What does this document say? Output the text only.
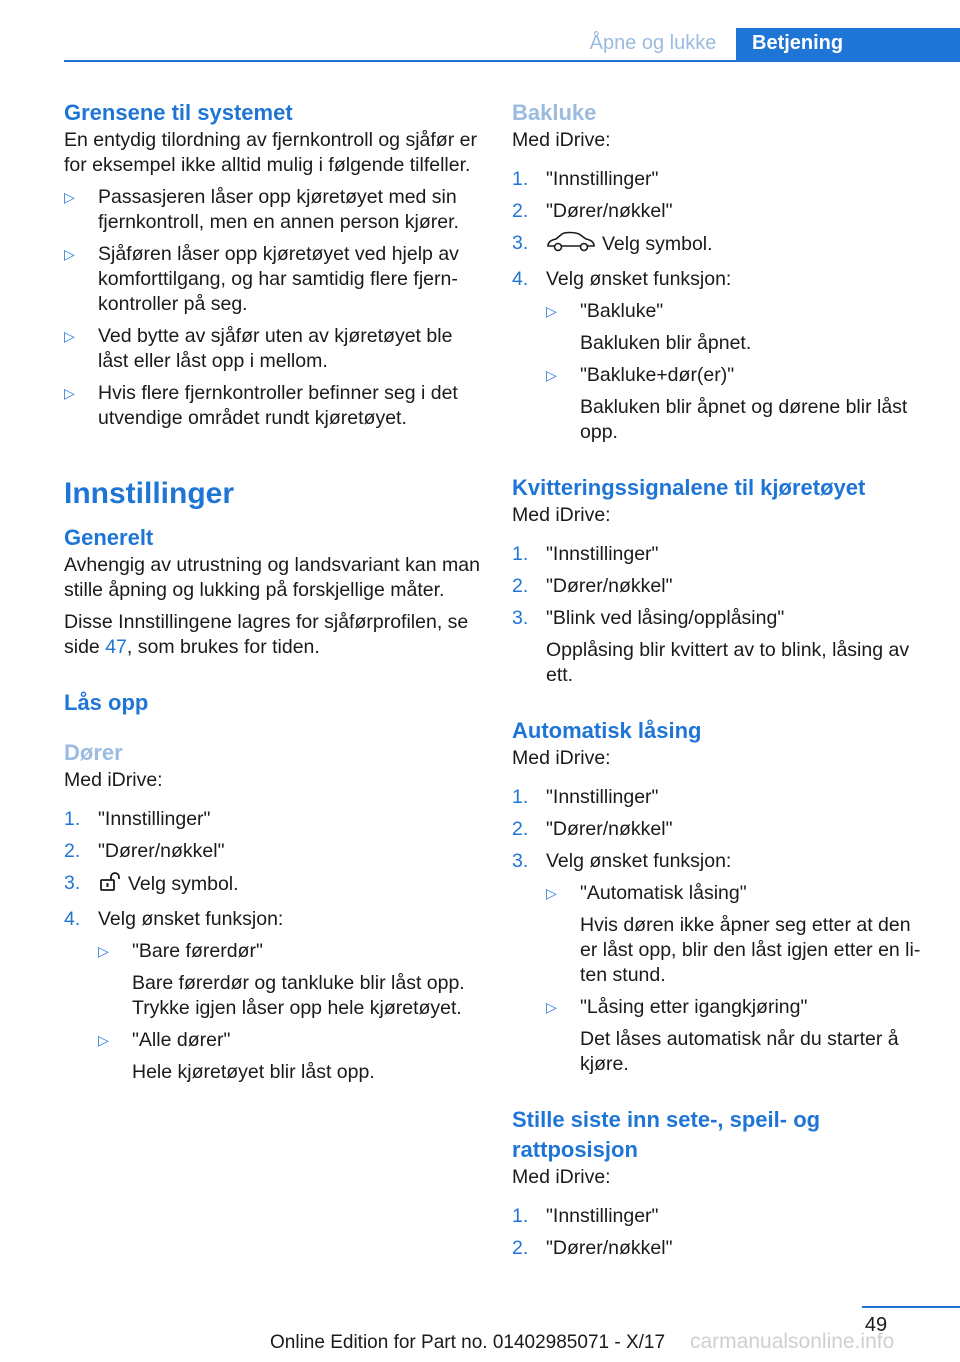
Åpne og lukke	Betjening
Grensene til systemet

En entydig tilordning av fjernkontroll og sjåfør er for eksempel ikke alltid mulig i følgende tilfeller.

▷ Passasjeren låser opp kjøretøyet med sin fjernkontroll, men en annen person kjører.
▷ Sjåføren låser opp kjøretøyet ved hjelp av komforttilgang, og har samtidig flere fjernkontroller på seg.
▷ Ved bytte av sjåfør uten av kjøretøyet ble låst eller låst opp i mellom.
▷ Hvis flere fjernkontroller befinner seg i det utvendige området rundt kjøretøyet.
Innstillinger
Generelt

Avhengig av utrustning og landsvariant kan man stille åpning og lukking på forskjellige måter.

Disse Innstillingene lagres for sjåførprofilen, se side 47, som brukes for tiden.

Lås opp
Dører

Med iDrive:

1. "Innstillinger"
2. "Dører/nøkkel"
3. Velg symbol.
4. Velg ønsket funksjon:
▷ "Bare førerdør"

Bare førerdør og tankluke blir låst opp. Trykke igjen låser opp hele kjøretøyet.

▷ "Alle dører"

Hele kjøretøyet blir låst opp.

Bakluke

Med iDrive:

1. "Innstillinger"
2. "Dører/nøkkel"
3.	Velg symbol.
4. Velg ønsket funksjon:
▷ "Bakluke"

Bakluken blir åpnet.

▷ "Bakluke+dør(er)"

Bakluken blir åpnet og dørene blir låst opp.

Kvitteringssignalene til kjøretøyet

Med iDrive:

1. "Innstillinger"
2. "Dører/nøkkel"
3. "Blink ved låsing/opplåsing"

Opplåsing blir kvittert av to blink, låsing av ett.

Automatisk låsing

Med iDrive:

1. "Innstillinger"
2. "Dører/nøkkel"
3. Velg ønsket funksjon:
▷ "Automatisk låsing"

Hvis døren ikke åpner seg etter at den er låst opp, blir den låst igjen etter en liten stund.

▷ "Låsing etter igangkjøring"

Det låses automatisk når du starter å kjøre.

Stille siste inn sete-, speil- og rattposisjon

Med iDrive:

1. "Innstillinger"
2. "Dører/nøkkel"
49
Online Edition for Part no. 01402985071 - X/17	carmanualsonline.info
